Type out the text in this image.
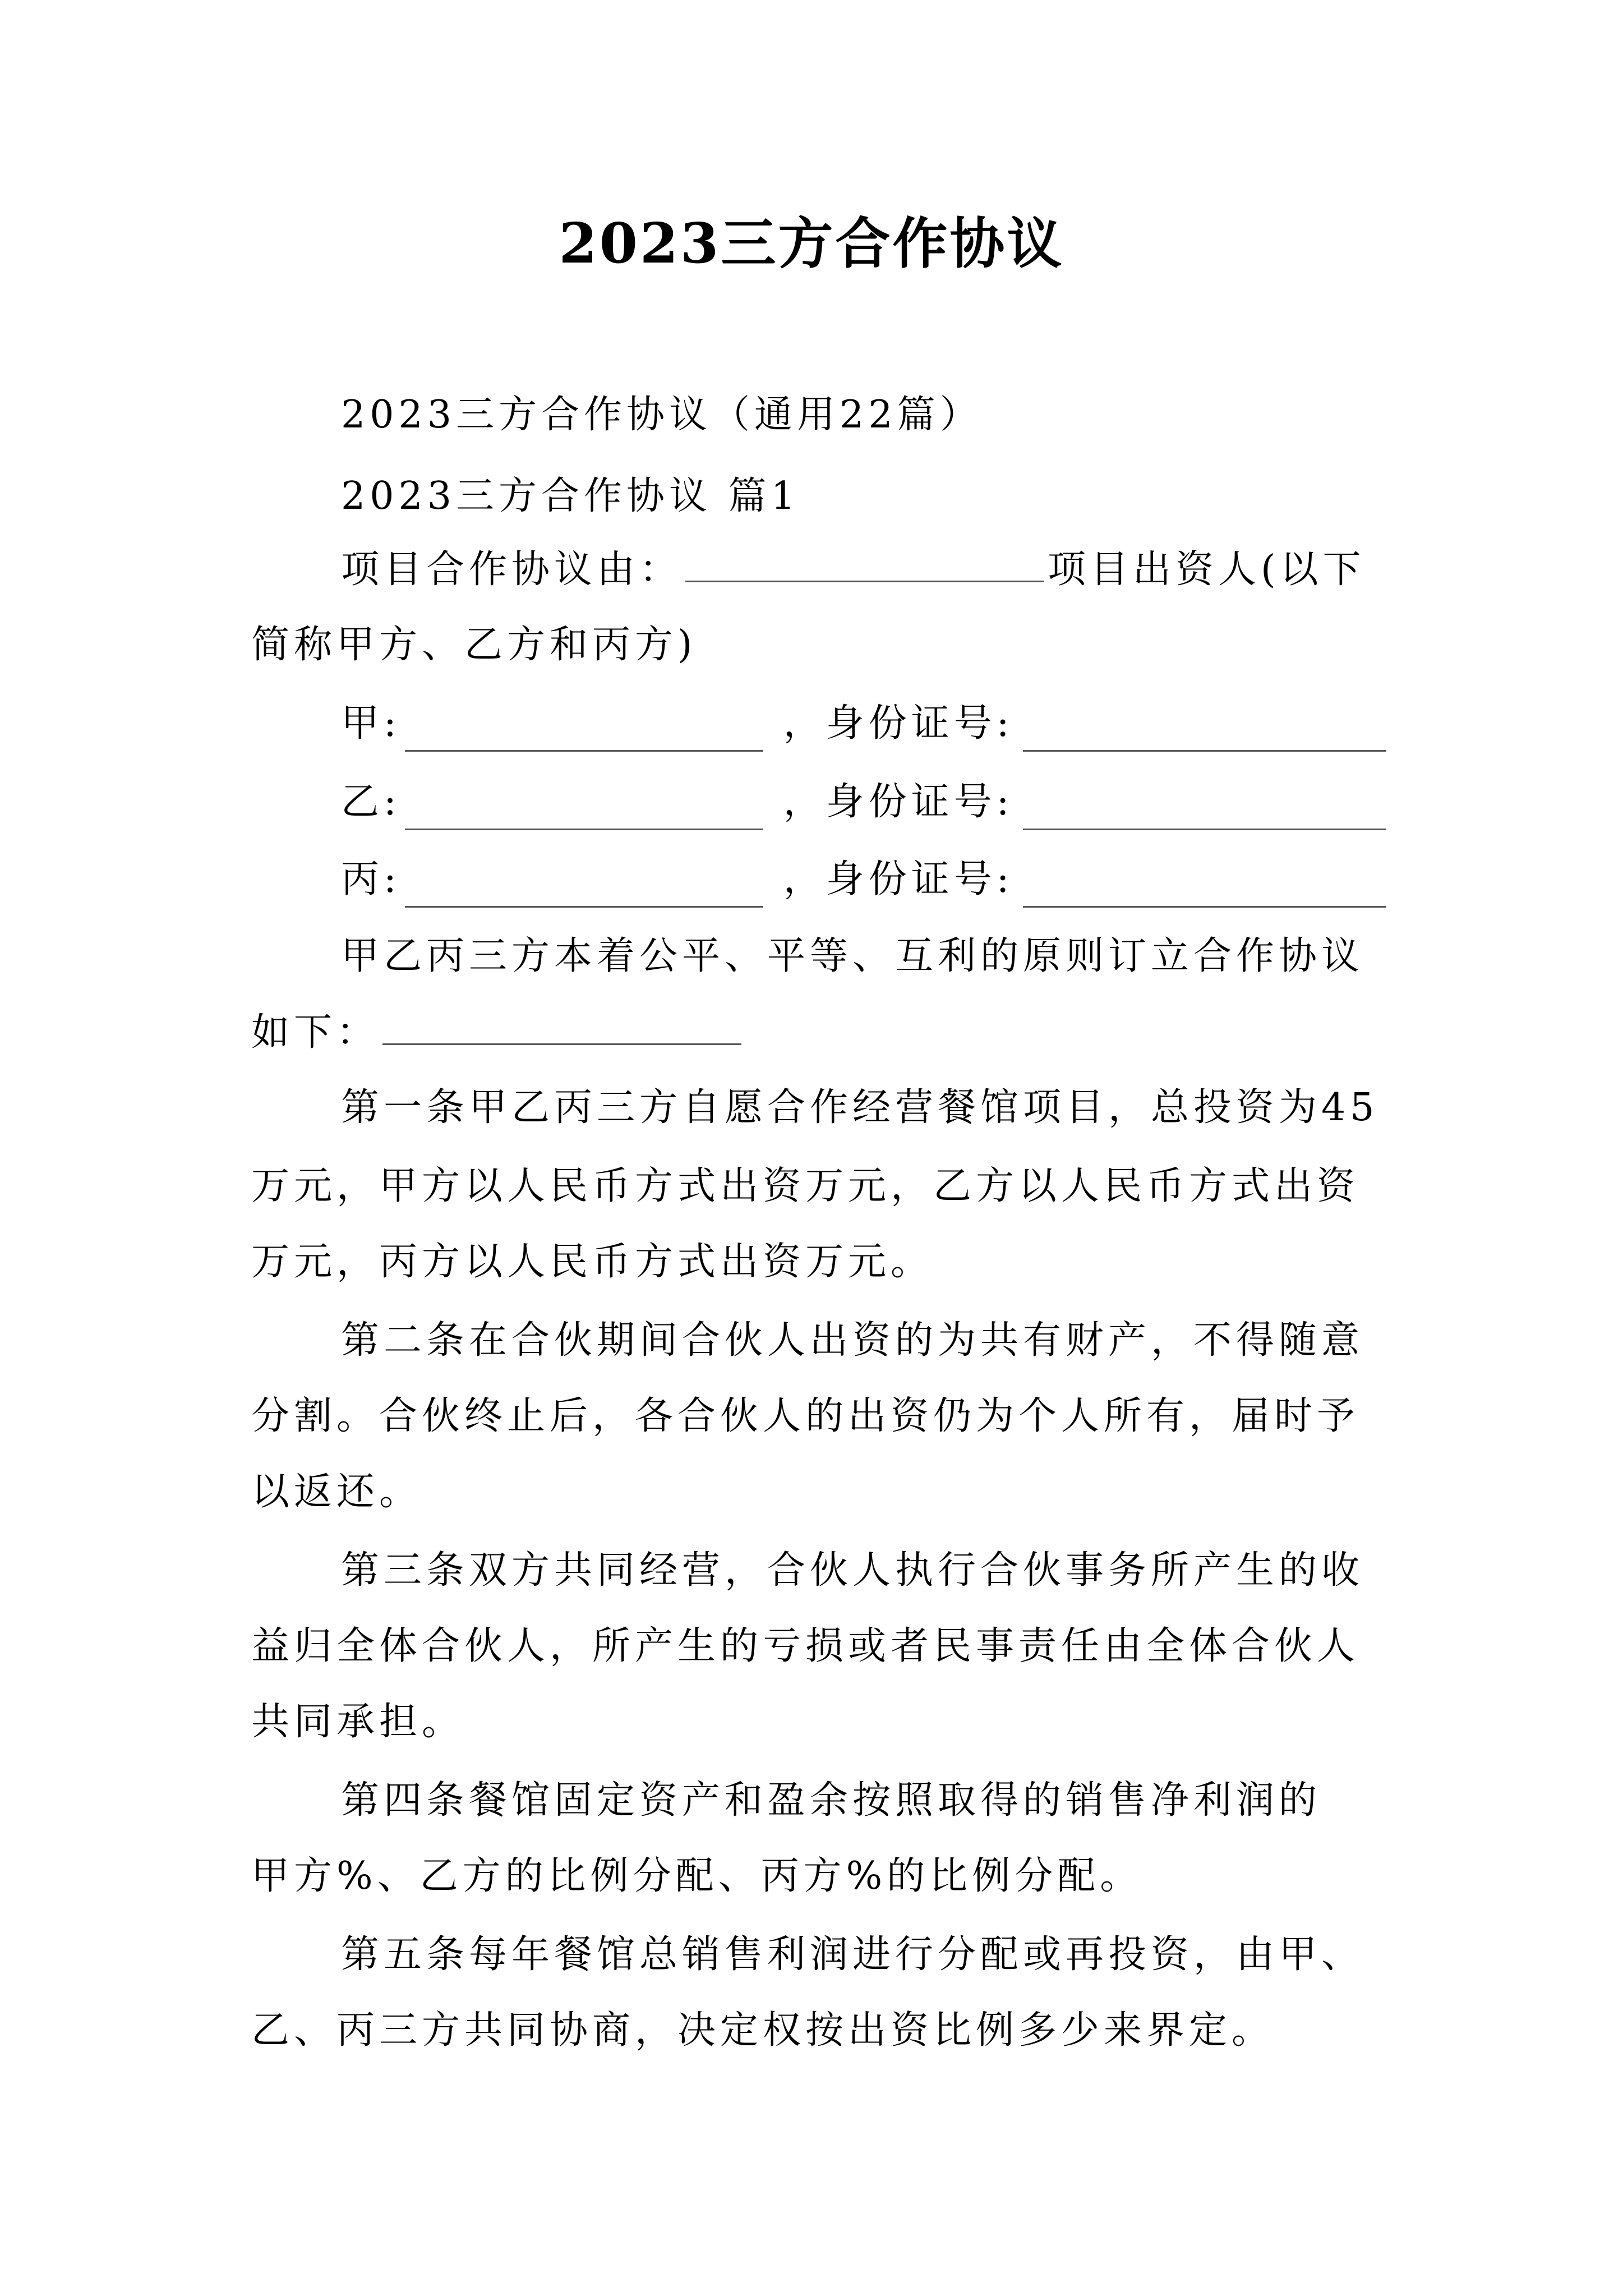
2023三方合作协议
2023三方合作协议（通用22篇）
2023三方合作协议 篇1
项目合作协议由：	项目出资人(以下
简称甲方、乙方和丙方)
甲:	，身份证号:
乙:	，身份证号:
丙:	，身份证号:
甲乙丙三方本着公平、平等、互利的原则订立合作协议
如下：
第一条甲乙丙三方自愿合作经营餐馆项目，总投资为45
万元，甲方以人民币方式出资万元，乙方以人民币方式出资
万元，丙方以人民币方式出资万元。
第二条在合伙期间合伙人出资的为共有财产，不得随意
分割。合伙终止后，各合伙人的出资仍为个人所有，届时予
以返还。
第三条双方共同经营，合伙人执行合伙事务所产生的收
益归全体合伙人，所产生的亏损或者民事责任由全体合伙人
共同承担。
第四条餐馆固定资产和盈余按照取得的销售净利润的
甲方%、乙方的比例分配、丙方%的比例分配。
第五条每年餐馆总销售利润进行分配或再投资，由甲、
乙、丙三方共同协商，决定权按出资比例多少来界定。
